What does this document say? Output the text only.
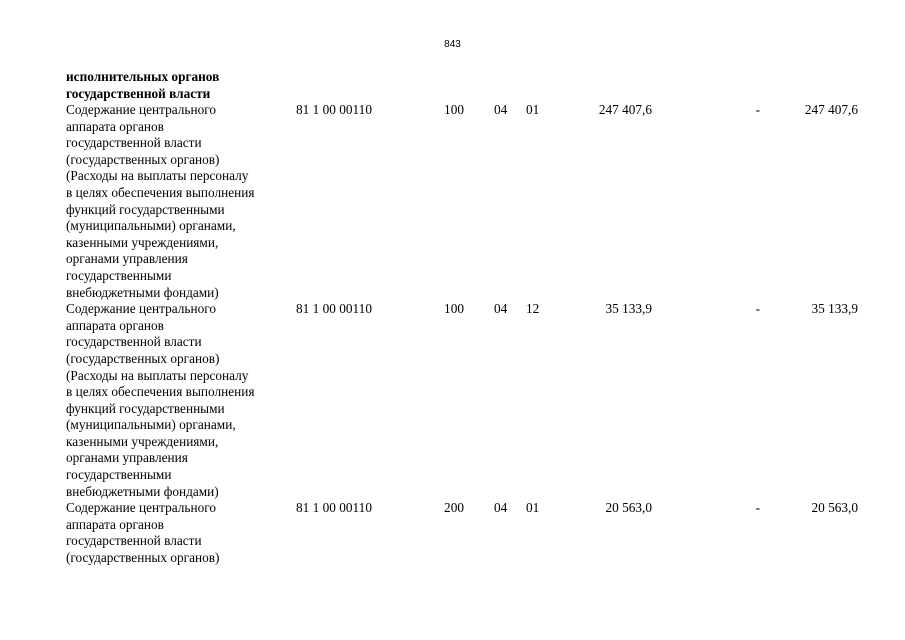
843
исполнительных органов
государственной власти
Содержание центрального
аппарата органов
государственной власти
(государственных органов)
(Расходы на выплаты персоналу
в целях обеспечения выполнения
функций государственными
(муниципальными) органами,
казенными учреждениями,
органами управления
государственными
внебюджетными фондами)
81 1 00 00110	100 04 01	247 407,6	-	247 407,6
Содержание центрального
аппарата органов
государственной власти
(государственных органов)
(Расходы на выплаты персоналу
в целях обеспечения выполнения
функций государственными
(муниципальными) органами,
казенными учреждениями,
органами управления
государственными
внебюджетными фондами)
81 1 00 00110	100 04 12	35 133,9	-	35 133,9
Содержание центрального
аппарата органов
государственной власти
(государственных органов)
81 1 00 00110	200 04 01	20 563,0	-	20 563,0
